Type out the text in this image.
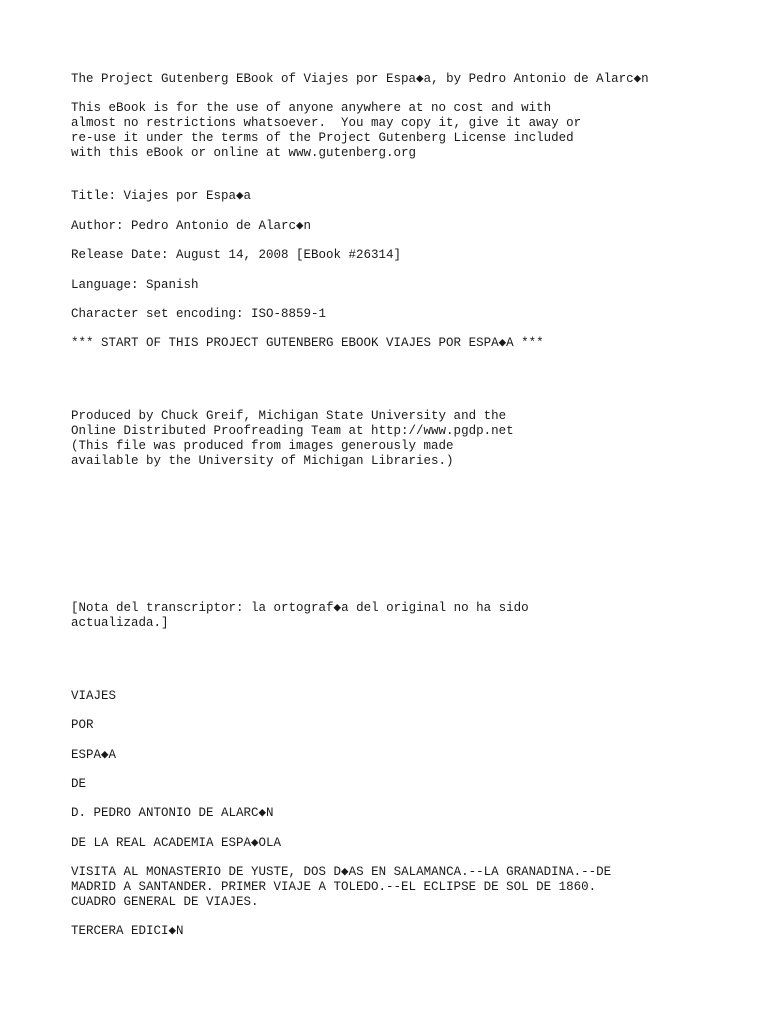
The Project Gutenberg EBook of Viajes por Espa◆a, by Pedro Antonio de Alarc◆n
This eBook is for the use of anyone anywhere at no cost and with
almost no restrictions whatsoever.  You may copy it, give it away or
re-use it under the terms of the Project Gutenberg License included
with this eBook or online at www.gutenberg.org
Title: Viajes por Espa◆a
Author: Pedro Antonio de Alarc◆n
Release Date: August 14, 2008 [EBook #26314]
Language: Spanish
Character set encoding: ISO-8859-1
*** START OF THIS PROJECT GUTENBERG EBOOK VIAJES POR ESPA◆A ***
Produced by Chuck Greif, Michigan State University and the
Online Distributed Proofreading Team at http://www.pgdp.net
(This file was produced from images generously made
available by the University of Michigan Libraries.)
[Nota del transcriptor: la ortograf◆a del original no ha sido
actualizada.]
VIAJES
POR
ESPA◆A
DE
D. PEDRO ANTONIO DE ALARC◆N
DE LA REAL ACADEMIA ESPA◆OLA
VISITA AL MONASTERIO DE YUSTE, DOS D◆AS EN SALAMANCA.--LA GRANADINA.--DE
MADRID A SANTANDER. PRIMER VIAJE A TOLEDO.--EL ECLIPSE DE SOL DE 1860.
CUADRO GENERAL DE VIAJES.
TERCERA EDICI◆N
